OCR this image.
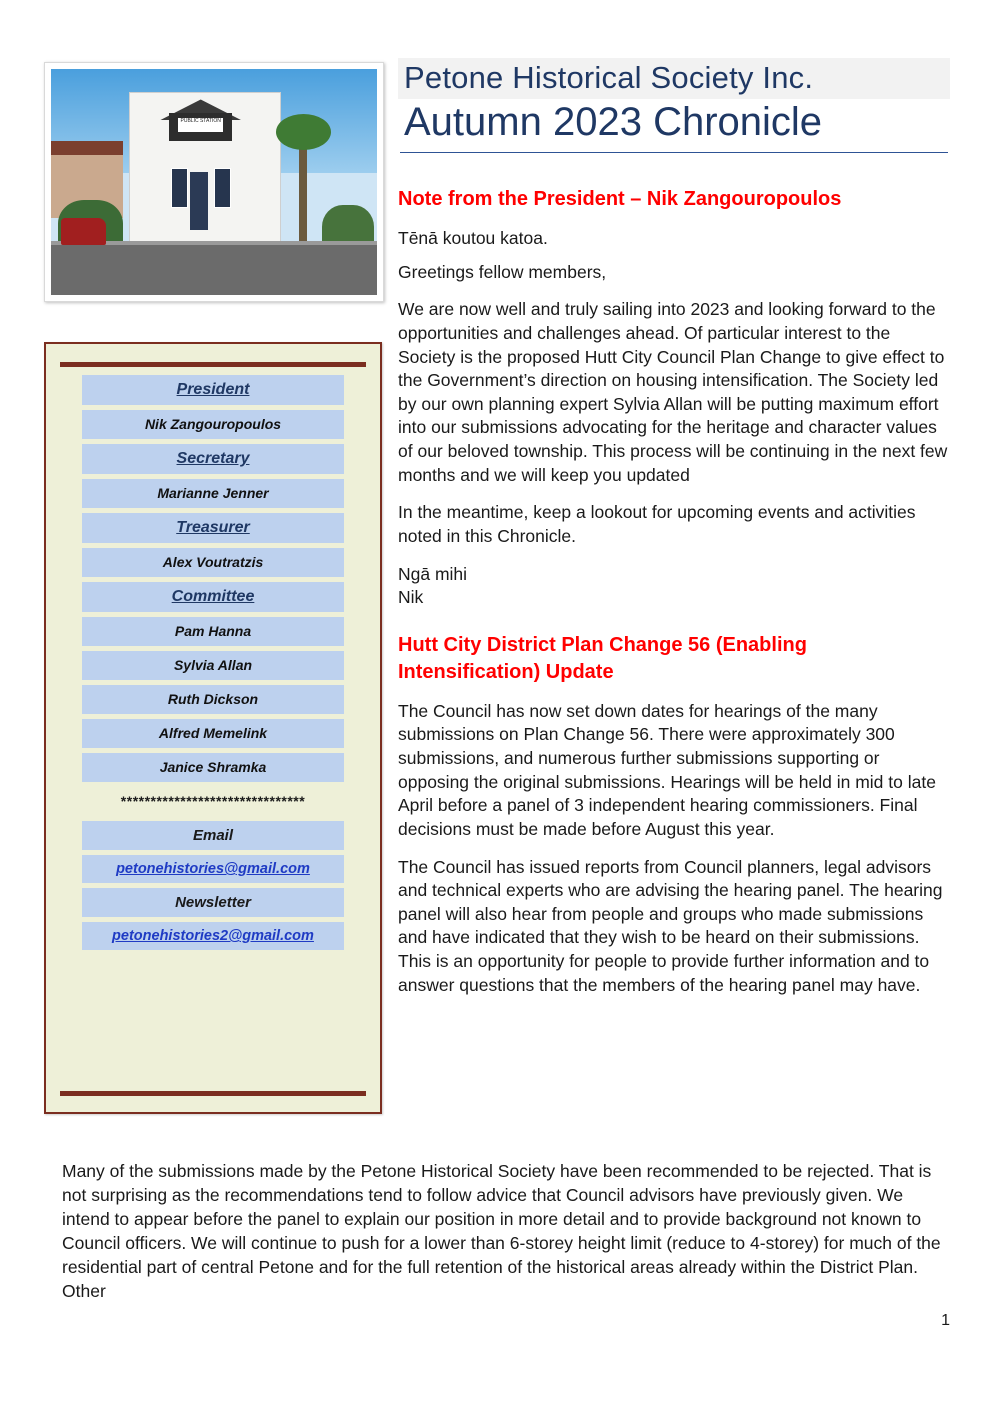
Petone Historical Society Inc.
Autumn 2023 Chronicle
PUBLIC STATION
President
Nik Zangouropoulos
Secretary
Marianne Jenner
Treasurer
Alex Voutratzis
Committee
Pam Hanna
Sylvia Allan
Ruth Dickson
Alfred Memelink
Janice Shramka
*******************************
Email
petonehistories@gmail.com
Newsletter
petonehistories2@gmail.com
Note from the President – Nik Zangouropoulos

Tēnā koutou katoa.

Greetings fellow members,

We are now well and truly sailing into 2023 and looking forward to the opportunities and challenges ahead. Of particular interest to the Society is the proposed Hutt City Council Plan Change to give effect to the Government’s direction on housing intensification. The Society led by our own planning expert Sylvia Allan will be putting maximum effort into our submissions advocating for the heritage and character values of our beloved township. This process will be continuing in the next few months and we will keep you updated

In the meantime, keep a lookout for upcoming events and activities noted in this Chronicle.

Ngā mihi

Nik

Hutt City District Plan Change 56 (Enabling Intensification) Update

The Council has now set down dates for hearings of the many submissions on Plan Change 56. There were approximately 300 submissions, and numerous further submissions supporting or opposing the original submissions. Hearings will be held in mid to late April before a panel of 3 independent hearing commissioners. Final decisions must be made before August this year.

The Council has issued reports from Council planners, legal advisors and technical experts who are advising the hearing panel. The hearing panel will also hear from people and groups who made submissions and have indicated that they wish to be heard on their submissions. This is an opportunity for people to provide further information and to answer questions that the members of the hearing panel may have.

Many of the submissions made by the Petone Historical Society have been recommended to be rejected. That is not surprising as the recommendations tend to follow advice that Council advisors have previously given. We intend to appear before the panel to explain our position in more detail and to provide background not known to Council officers. We will continue to push for a lower than 6-storey height limit (reduce to 4-storey) for much of the residential part of central Petone and for the full retention of the historical areas already within the District Plan. Other

1
